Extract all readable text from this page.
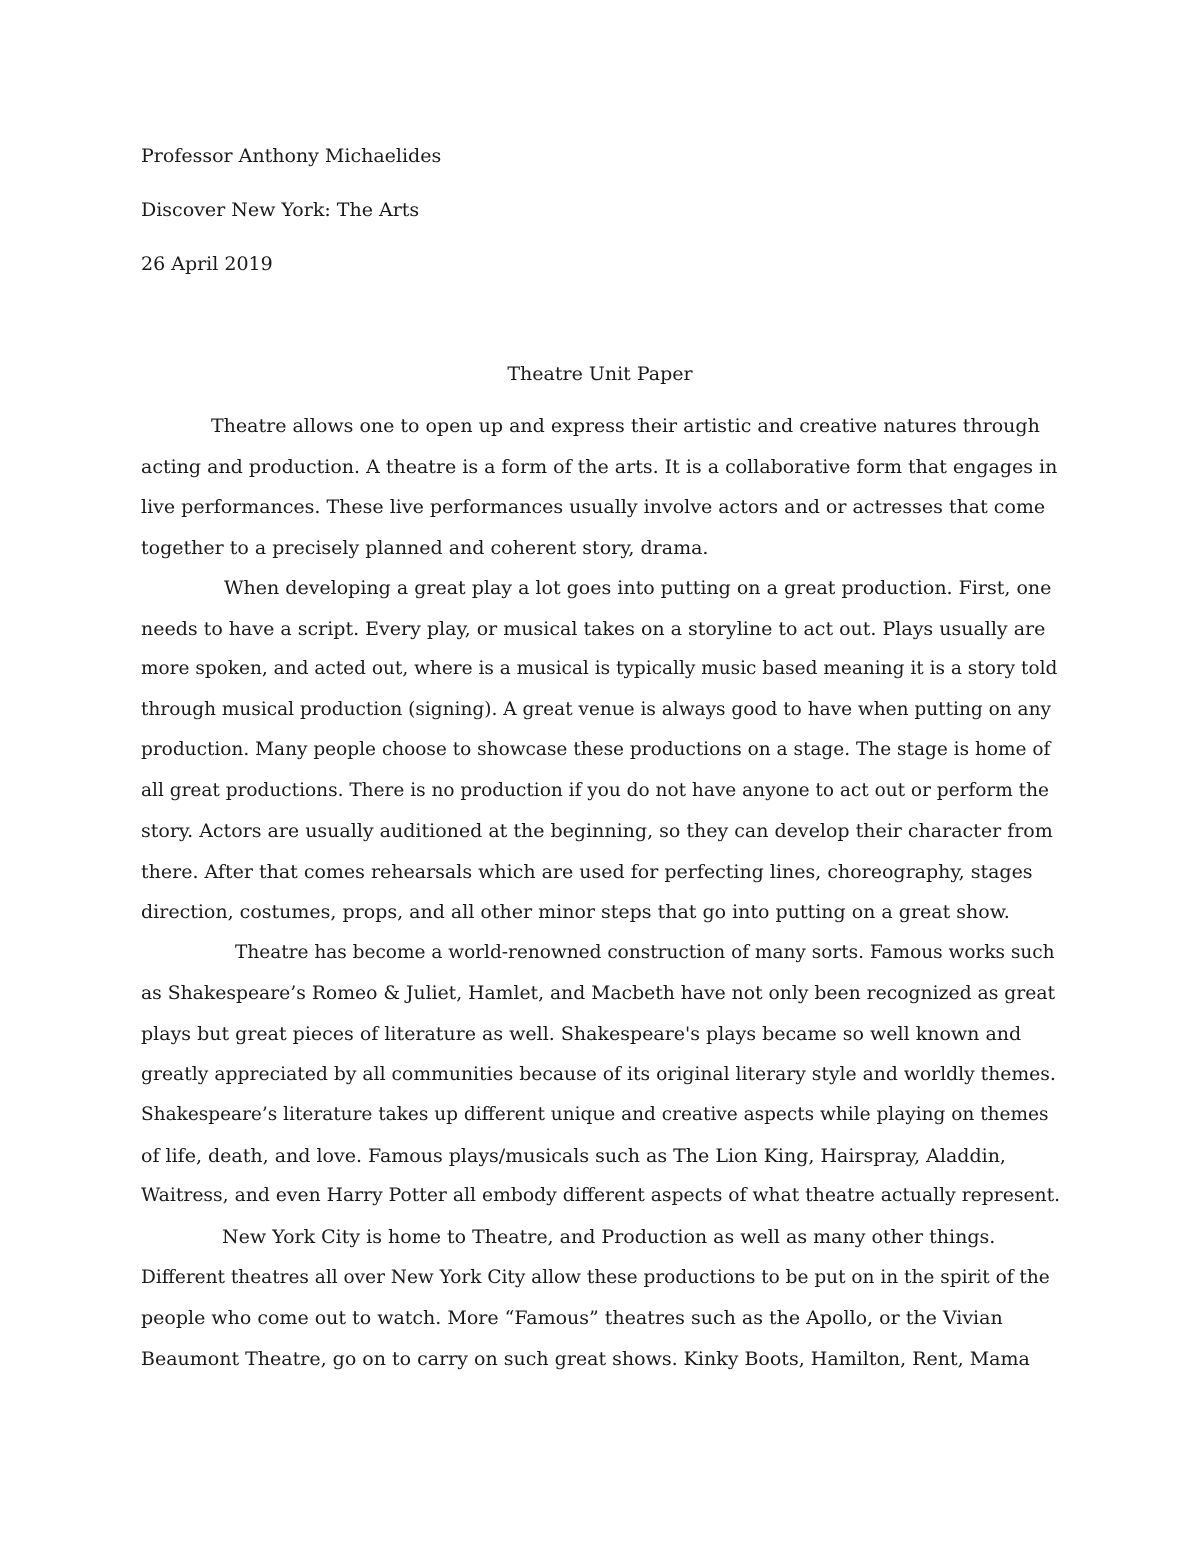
Professor Anthony Michaelides
Discover New York: The Arts
26 April 2019
Theatre Unit Paper
Theatre allows one to open up and express their artistic and creative natures through
acting and production. A theatre is a form of the arts. It is a collaborative form that engages in
live performances. These live performances usually involve actors and or actresses that come
together to a precisely planned and coherent story, drama.
When developing a great play a lot goes into putting on a great production. First, one
needs to have a script. Every play, or musical takes on a storyline to act out. Plays usually are
more spoken, and acted out, where is a musical is typically music based meaning it is a story told
through musical production (signing). A great venue is always good to have when putting on any
production. Many people choose to showcase these productions on a stage. The stage is home of
all great productions. There is no production if you do not have anyone to act out or perform the
story. Actors are usually auditioned at the beginning, so they can develop their character from
there. After that comes rehearsals which are used for perfecting lines, choreography, stages
direction, costumes, props, and all other minor steps that go into putting on a great show.
Theatre has become a world-renowned construction of many sorts. Famous works such
as Shakespeare’s Romeo & Juliet, Hamlet, and Macbeth have not only been recognized as great
plays but great pieces of literature as well. Shakespeare's plays became so well known and
greatly appreciated by all communities because of its original literary style and worldly themes.
Shakespeare’s literature takes up different unique and creative aspects while playing on themes
of life, death, and love. Famous plays/musicals such as The Lion King, Hairspray, Aladdin,
Waitress, and even Harry Potter all embody different aspects of what theatre actually represent.
New York City is home to Theatre, and Production as well as many other things.
Different theatres all over New York City allow these productions to be put on in the spirit of the
people who come out to watch. More “Famous” theatres such as the Apollo, or the Vivian
Beaumont Theatre, go on to carry on such great shows. Kinky Boots, Hamilton, Rent, Mama
